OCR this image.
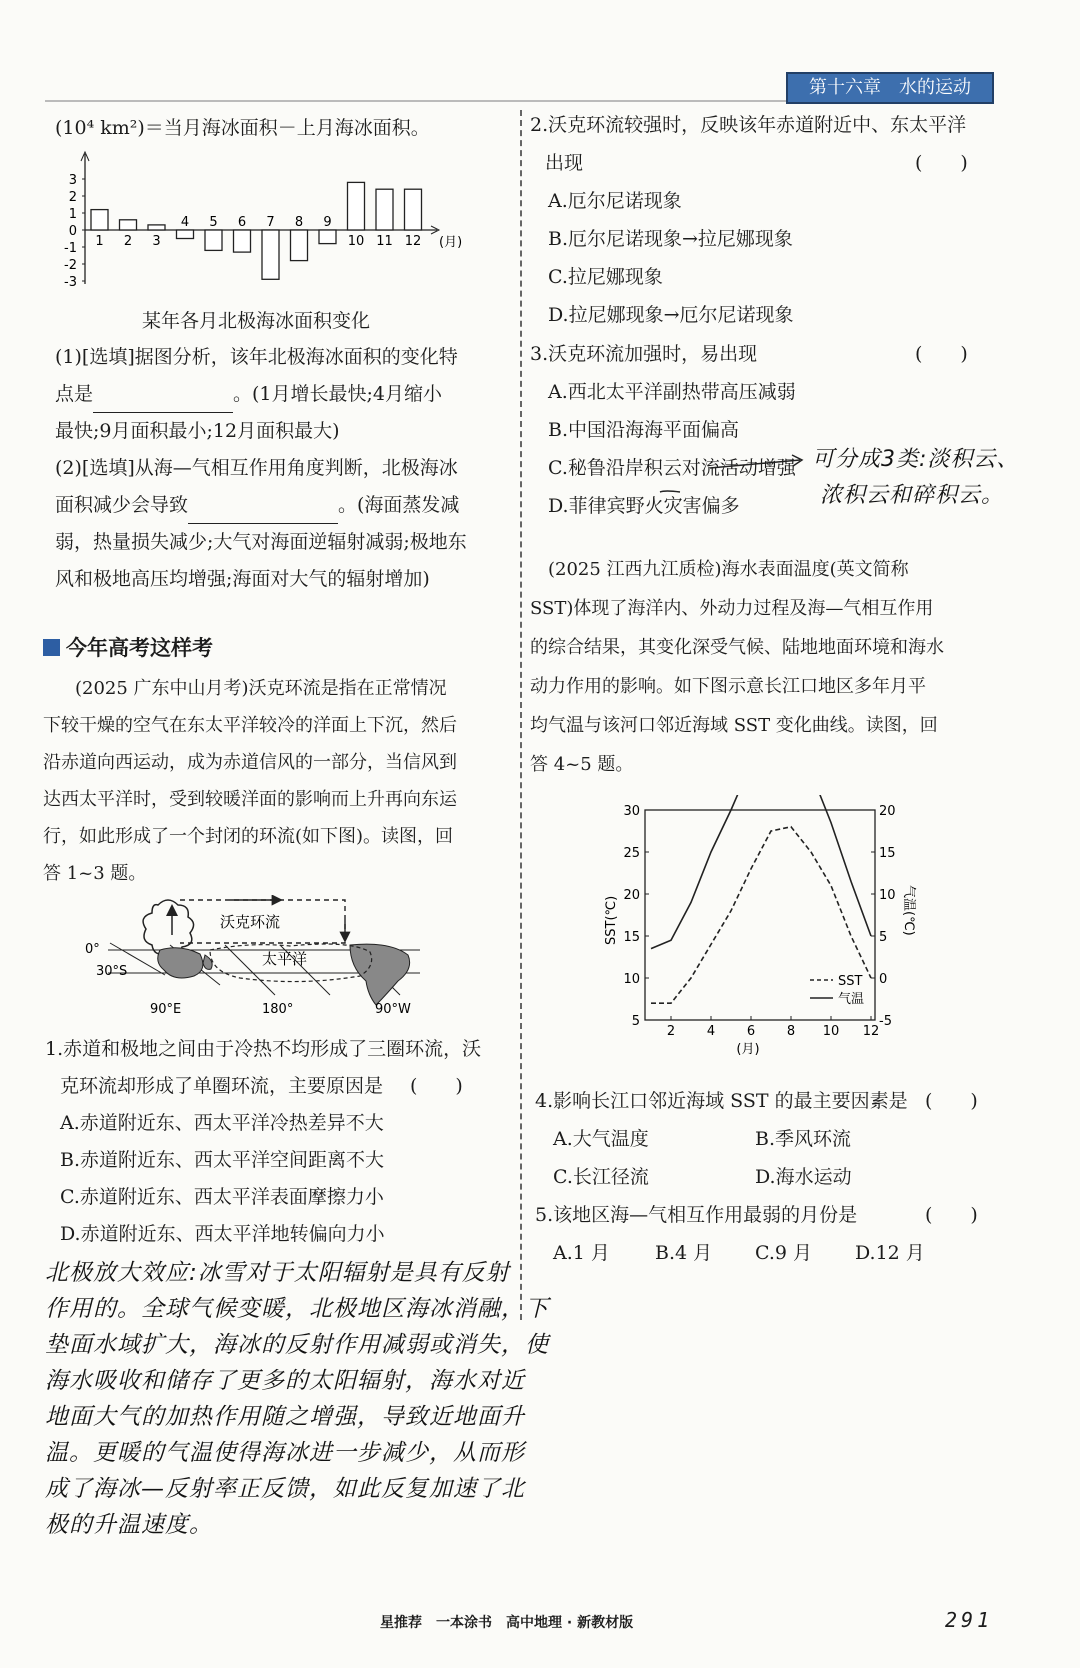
第十六章　水的运动
(10⁴ km²)＝当月海冰面积－上月海冰面积。
3
2
1
0
-1
-2
-3
1 2 3
4 5 6 7 8 9
10 11 12 (月)
某年各月北极海冰面积变化
(1)[选填]据图分析，该年北极海冰面积的变化特
点是	。(1月增长最快;4月缩小
最快;9月面积最小;12月面积最大)
(2)[选填]从海—气相互作用角度判断，北极海冰
面积减少会导致	。(海面蒸发减
弱，热量损失减少;大气对海面逆辐射减弱;极地东
风和极地高压均增强;海面对大气的辐射增加)
今年高考这样考
(2025 广东中山月考)沃克环流是指在正常情况
下较干燥的空气在东太平洋较冷的洋面上下沉，然后
沿赤道向西运动，成为赤道信风的一部分，当信风到
达西太平洋时，受到较暖洋面的影响而上升再向东运
行，如此形成了一个封闭的环流(如下图)。读图，回
答 1~3 题。
沃克环流
太平洋
0°
30°S
90°E	180°	90°W
1.赤道和极地之间由于冷热不均形成了三圈环流，沃
克环流却形成了单圈环流，主要原因是 (　　)
A.赤道附近东、西太平洋冷热差异不大
B.赤道附近东、西太平洋空间距离不大
C.赤道附近东、西太平洋表面摩擦力小
D.赤道附近东、西太平洋地转偏向力小
北极放大效应:冰雪对于太阳辐射是具有反射
作用的。全球气候变暖，北极地区海冰消融，下
垫面水域扩大，海冰的反射作用减弱或消失，使
海水吸收和储存了更多的太阳辐射，海水对近
地面大气的加热作用随之增强，导致近地面升
温。更暖的气温使得海冰进一步减少，从而形
成了海冰—反射率正反馈，如此反复加速了北
极的升温速度。
2.沃克环流较强时，反映该年赤道附近中、东太平洋
出现	(　　)
A.厄尔尼诺现象
B.厄尔尼诺现象→拉尼娜现象
C.拉尼娜现象
D.拉尼娜现象→厄尔尼诺现象
3.沃克环流加强时，易出现	(　　)
A.西北太平洋副热带高压减弱
B.中国沿海海平面偏高
C.秘鲁沿岸积云对流活动增强
D.菲律宾野火灾害偏多
可分成3类:淡积云、
浓积云和碎积云。
(2025 江西九江质检)海水表面温度(英文简称
SST)体现了海洋内、外动力过程及海—气相互作用
的综合结果，其变化深受气候、陆地地面环境和海水
动力作用的影响。如下图示意长江口地区多年月平
均气温与该河口邻近海域 SST 变化曲线。读图，回
答 4~5 题。
30
25
20
15
10
5
20
15
10
5
0
-5
2 4 6 8 10 12
(月)
SST(℃)	气温(℃)
SST
气温
4.影响长江口邻近海域 SST 的最主要因素是 (　　)
A.大气温度	B.季风环流
C.长江径流	D.海水运动
5.该地区海—气相互作用最弱的月份是	(　　)
A.1 月 B.4 月 C.9 月 D.12 月
星推荐　一本涂书　高中地理 · 新教材版	291
